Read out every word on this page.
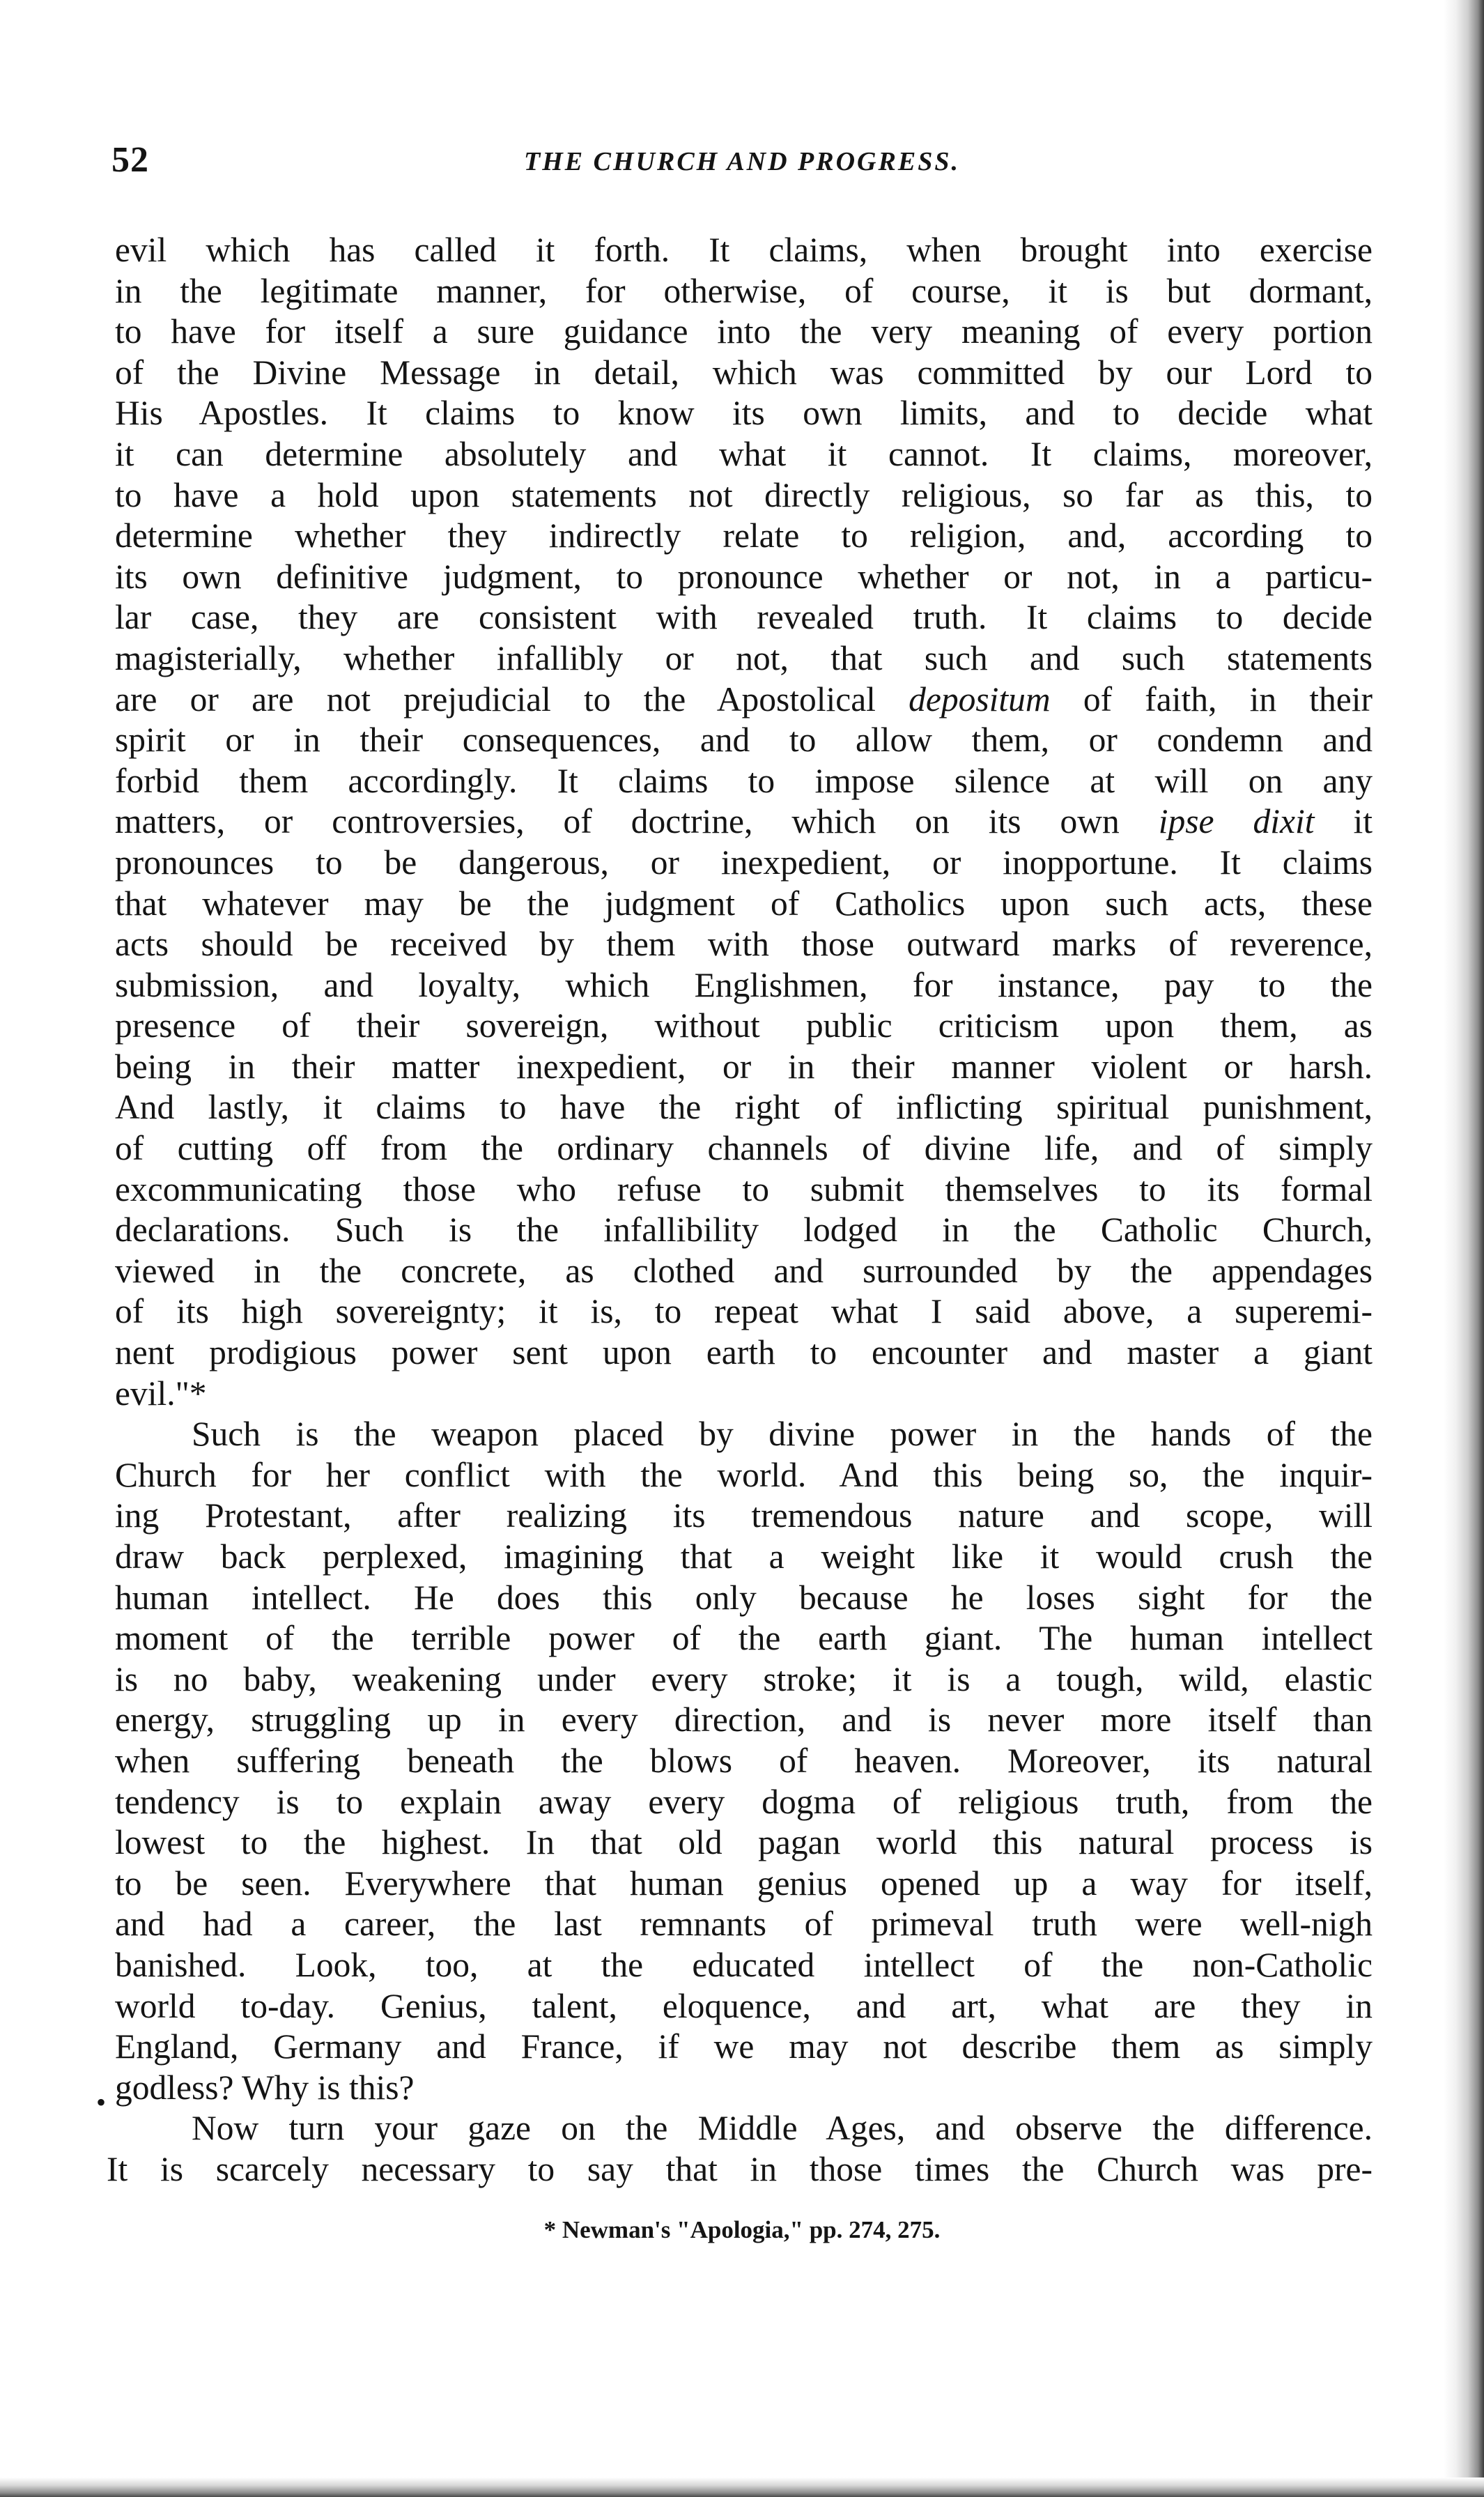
52	THE CHURCH AND PROGRESS.
evil which has called it forth. It claims, when brought into exercise
in the legitimate manner, for otherwise, of course, it is but dormant,
to have for itself a sure guidance into the very meaning of every portion
of the Divine Message in detail, which was committed by our Lord to
His Apostles. It claims to know its own limits, and to decide what
it can determine absolutely and what it cannot. It claims, moreover,
to have a hold upon statements not directly religious, so far as this, to
determine whether they indirectly relate to religion, and, according to
its own definitive judgment, to pronounce whether or not, in a particu-
lar case, they are consistent with revealed truth. It claims to decide
magisterially, whether infallibly or not, that such and such statements
are or are not prejudicial to the Apostolical depositum of faith, in their
spirit or in their consequences, and to allow them, or condemn and
forbid them accordingly. It claims to impose silence at will on any
matters, or controversies, of doctrine, which on its own ipse dixit it
pronounces to be dangerous, or inexpedient, or inopportune. It claims
that whatever may be the judgment of Catholics upon such acts, these
acts should be received by them with those outward marks of reverence,
submission, and loyalty, which Englishmen, for instance, pay to the
presence of their sovereign, without public criticism upon them, as
being in their matter inexpedient, or in their manner violent or harsh.
And lastly, it claims to have the right of inflicting spiritual punishment,
of cutting off from the ordinary channels of divine life, and of simply
excommunicating those who refuse to submit themselves to its formal
declarations. Such is the infallibility lodged in the Catholic Church,
viewed in the concrete, as clothed and surrounded by the appendages
of its high sovereignty; it is, to repeat what I said above, a superemi-
nent prodigious power sent upon earth to encounter and master a giant
evil."*
Such is the weapon placed by divine power in the hands of the
Church for her conflict with the world. And this being so, the inquir-
ing Protestant, after realizing its tremendous nature and scope, will
draw back perplexed, imagining that a weight like it would crush the
human intellect. He does this only because he loses sight for the
moment of the terrible power of the earth giant. The human intellect
is no baby, weakening under every stroke; it is a tough, wild, elastic
energy, struggling up in every direction, and is never more itself than
when suffering beneath the blows of heaven. Moreover, its natural
tendency is to explain away every dogma of religious truth, from the
lowest to the highest. In that old pagan world this natural process is
to be seen. Everywhere that human genius opened up a way for itself,
and had a career, the last remnants of primeval truth were well-nigh
banished. Look, too, at the educated intellect of the non-Catholic
world to-day. Genius, talent, eloquence, and art, what are they in
England, Germany and France, if we may not describe them as simply
godless? Why is this?
Now turn your gaze on the Middle Ages, and observe the difference.
It is scarcely necessary to say that in those times the Church was pre-
•
* Newman's "Apologia," pp. 274, 275.
